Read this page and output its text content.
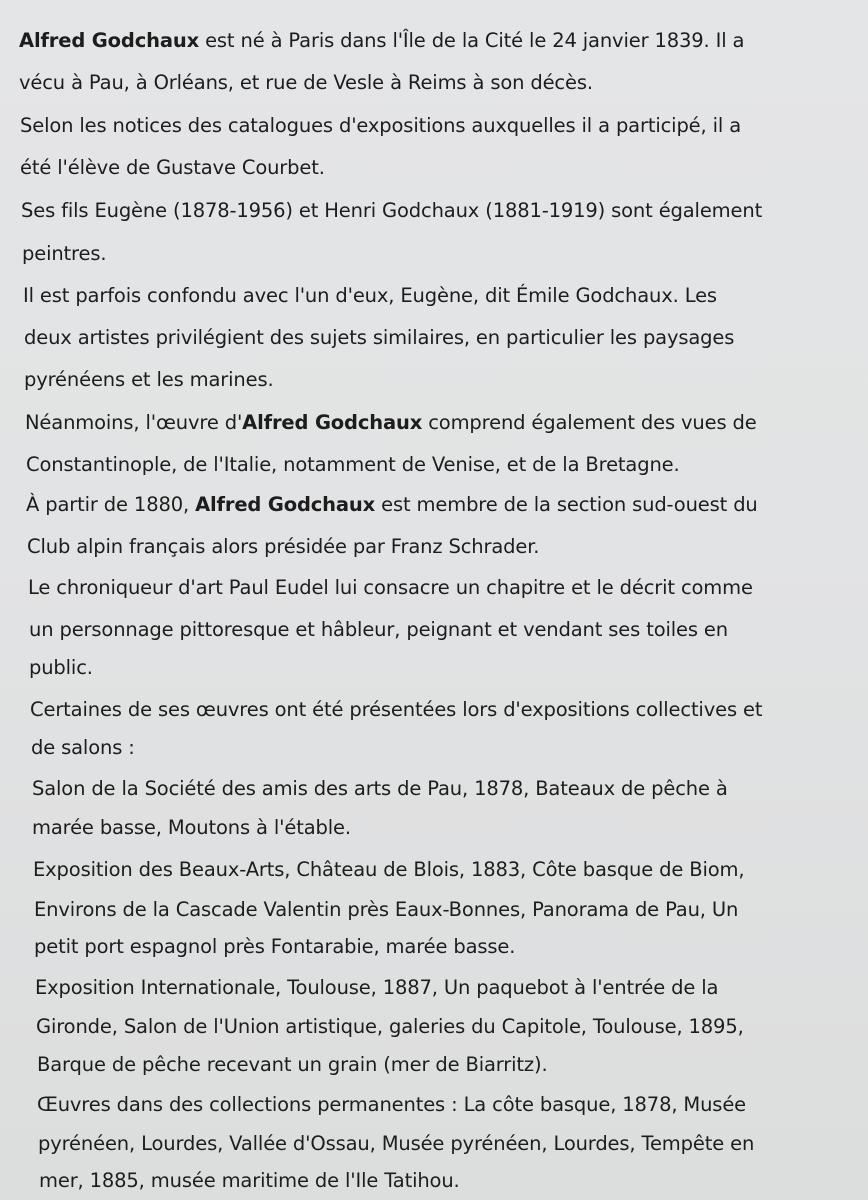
Alfred Godchaux est né à Paris dans l'Île de la Cité le 24 janvier 1839. Il a
vécu à Pau, à Orléans, et rue de Vesle à Reims à son décès.
Selon les notices des catalogues d'expositions auxquelles il a participé, il a
été l'élève de Gustave Courbet.
Ses fils Eugène (1878-1956) et Henri Godchaux (1881-1919) sont également
peintres.
Il est parfois confondu avec l'un d'eux, Eugène, dit Émile Godchaux. Les
deux artistes privilégient des sujets similaires, en particulier les paysages
pyrénéens et les marines.
Néanmoins, l'œuvre d'Alfred Godchaux comprend également des vues de
Constantinople, de l'Italie, notamment de Venise, et de la Bretagne.
À partir de 1880, Alfred Godchaux est membre de la section sud-ouest du
Club alpin français alors présidée par Franz Schrader.
Le chroniqueur d'art Paul Eudel lui consacre un chapitre et le décrit comme
un personnage pittoresque et hâbleur, peignant et vendant ses toiles en
public.
Certaines de ses œuvres ont été présentées lors d'expositions collectives et
de salons :
Salon de la Société des amis des arts de Pau, 1878, Bateaux de pêche à
marée basse, Moutons à l'étable.
Exposition des Beaux-Arts, Château de Blois, 1883, Côte basque de Biom,
Environs de la Cascade Valentin près Eaux-Bonnes, Panorama de Pau, Un
petit port espagnol près Fontarabie, marée basse.
Exposition Internationale, Toulouse, 1887, Un paquebot à l'entrée de la
Gironde, Salon de l'Union artistique, galeries du Capitole, Toulouse, 1895,
Barque de pêche recevant un grain (mer de Biarritz).
Œuvres dans des collections permanentes : La côte basque, 1878, Musée
pyrénéen, Lourdes, Vallée d'Ossau, Musée pyrénéen, Lourdes, Tempête en
mer, 1885, musée maritime de l'Ile Tatihou.
